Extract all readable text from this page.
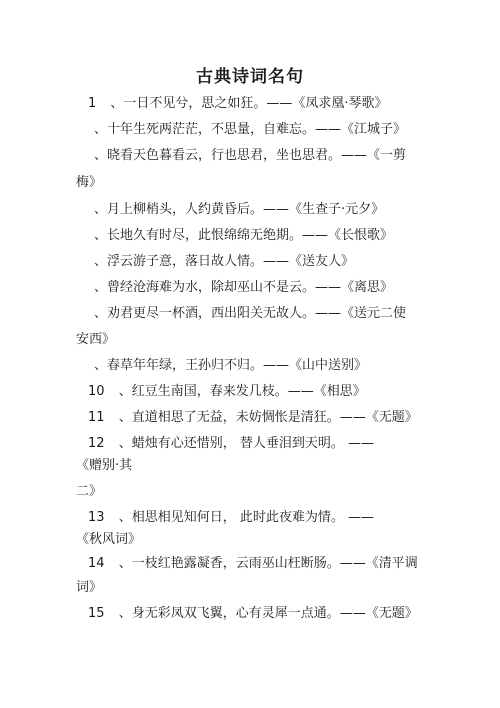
古典诗词名句
1 、一日不见兮，思之如狂。——《凤求凰·琴歌》
、十年生死两茫茫，不思量，自难忘。——《江城子》
、晓看天色暮看云，行也思君，坐也思君。——《一剪
梅》
、月上柳梢头，人约黄昏后。——《生查子·元夕》
、长地久有时尽，此恨绵绵无绝期。——《长恨歌》
、浮云游子意，落日故人情。——《送友人》
、曾经沧海难为水，除却巫山不是云。——《离思》
、劝君更尽一杯酒，西出阳关无故人。——《送元二使
安西》
、春草年年绿，王孙归不归。——《山中送别》
10 、红豆生南国，春来发几枝。——《相思》
11 、直道相思了无益，未妨惆怅是清狂。——《无题》
12 、蜡烛有心还惜别， 替人垂泪到天明。 ——
《赠别·其
二》
13 、相思相见知何日， 此时此夜难为情。 ——
《秋风词》
14 、一枝红艳露凝香，云雨巫山枉断肠。——《清平调
词》
15 、身无彩凤双飞翼，心有灵犀一点通。——《无题》
